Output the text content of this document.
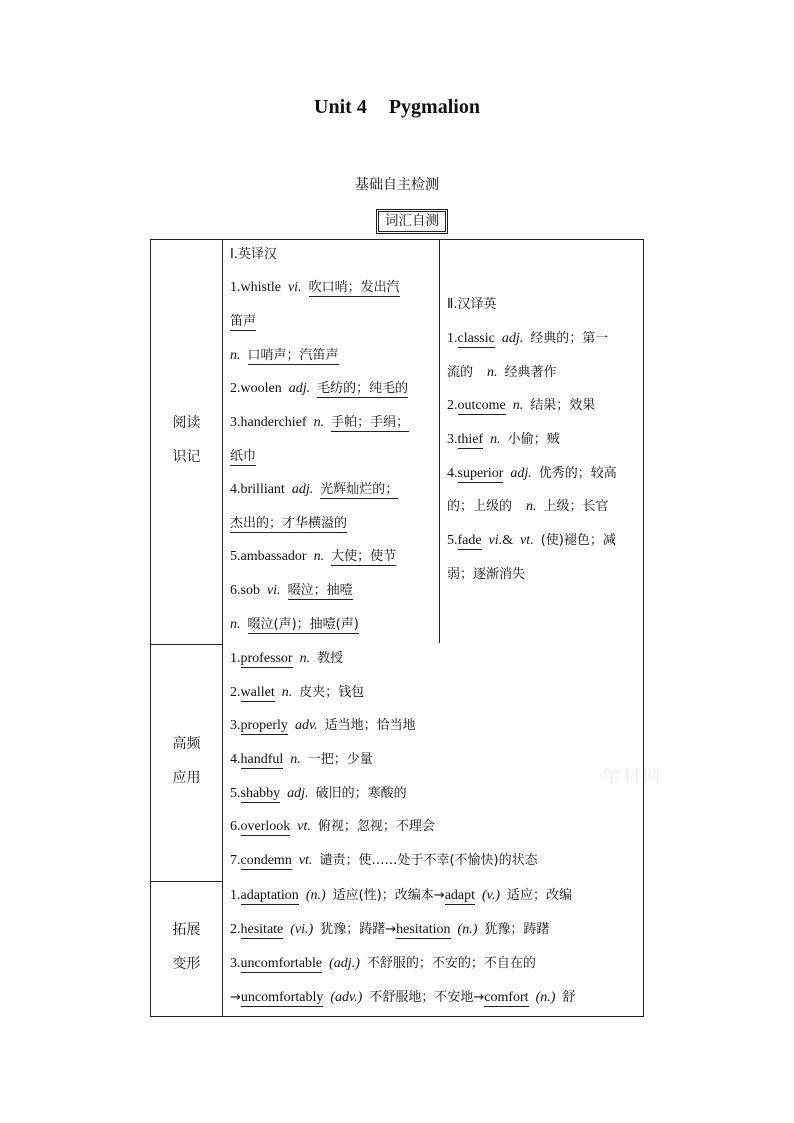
Unit 4 Pygmalion
基础自主检测
词汇自测
阅读
识记
高频
应用
拓展
变形
Ⅰ.英译汉
1.whistle vi. 吹口哨；发出汽
笛声
n. 口哨声；汽笛声
2.woolen adj. 毛纺的；纯毛的
3.handerchief n. 手帕；手绢；
纸巾
4.brilliant adj. 光辉灿烂的；
杰出的；才华横溢的
5.ambassador n. 大使；使节
6.sob vi. 啜泣；抽噎
n. 啜泣(声)；抽噎(声)
Ⅱ.汉译英
1.classic adj. 经典的；第一
流的 n. 经典著作
2.outcome n. 结果；效果
3.thief n. 小偷；贼
4.superior adj. 优秀的；较高
的；上级的 n. 上级；长官
5.fade vi.& vt. (使)褪色；减
弱；逐渐消失
1.professor n. 教授
2.wallet n. 皮夹；钱包
3.properly adv. 适当地；恰当地
4.handful n. 一把；少量
5.shabby adj. 破旧的；寒酸的
6.overlook vt. 俯视；忽视；不理会
7.condemn vt. 谴责；使……处于不幸(不愉快)的状态
1.adaptation (n.) 适应(性)；改编本→adapt (v.) 适应；改编
2.hesitate (vi.) 犹豫；踌躇→hesitation (n.) 犹豫；踌躇
3.uncomfortable (adj.) 不舒服的；不安的；不自在的
→uncomfortably (adv.) 不舒服地；不安地→comfort (n.) 舒
学科网
